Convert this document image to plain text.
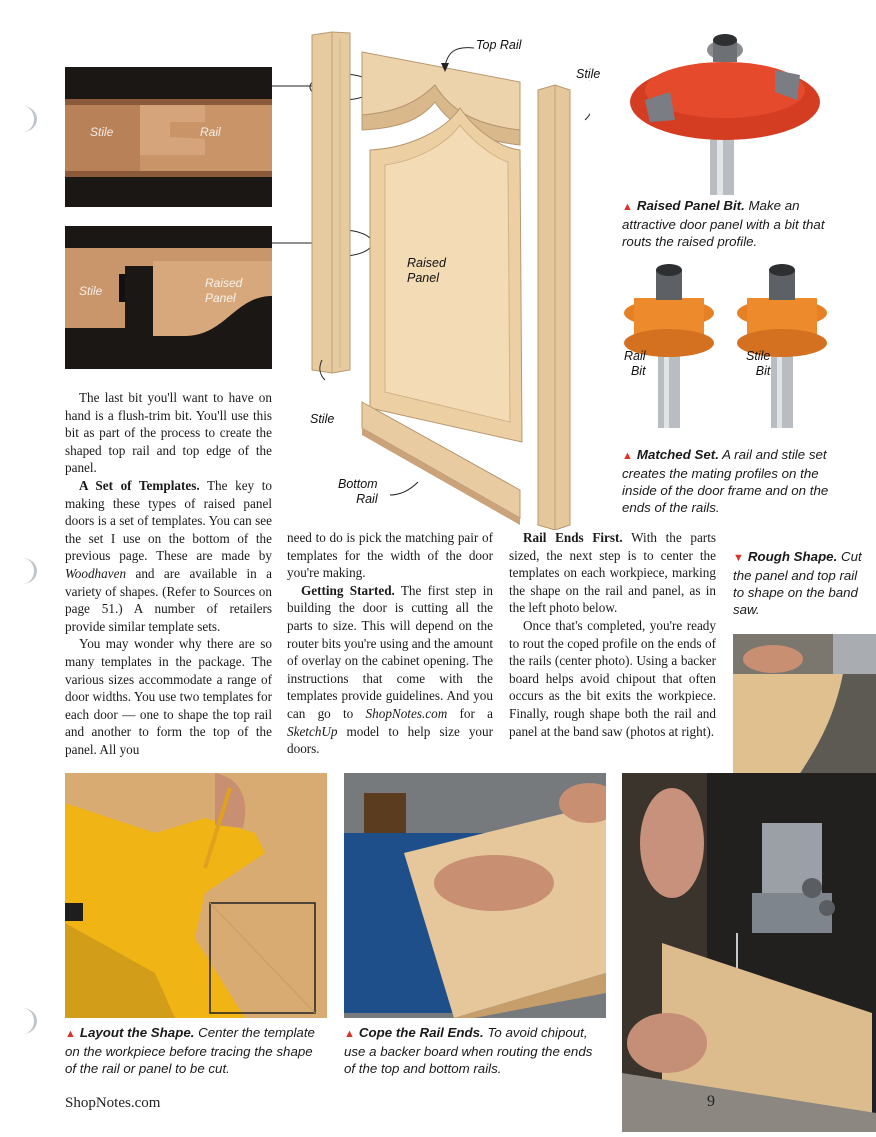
Stile	Rail
Stile
Raised
Panel
Top Rail
Stile
Raised
Panel
Stile
Bottom
Rail
▲ Raised Panel Bit. Make an attractive door panel with a bit that routs the raised profile.
Rail
Bit
Stile
Bit
▲ Matched Set. A rail and stile set creates the mating profiles on the inside of the door frame and on the ends of the rails.

The last bit you'll want to have on hand is a flush-trim bit. You'll use this bit as part of the process to create the shaped top rail and top edge of the panel.

A Set of Templates. The key to making these types of raised panel doors is a set of templates. You can see the set I use on the bottom of the previous page. These are made by Woodhaven and are available in a variety of shapes. (Refer to Sources on page 51.) A number of retailers provide similar template sets.

You may wonder why there are so many templates in the package. The various sizes accommodate a range of door widths. You use two templates for each door — one to shape the top rail and another to form the top of the panel. All you

need to do is pick the matching pair of templates for the width of the door you're making.

Getting Started. The first step in building the door is cutting all the parts to size. This will depend on the router bits you're using and the amount of overlay on the cabinet opening. The instructions that come with the templates provide guidelines. And you can go to ShopNotes.com for a SketchUp model to help size your doors.

Rail Ends First. With the parts sized, the next step is to center the templates on each workpiece, marking the shape on the rail and panel, as in the left photo below.

Once that's completed, you're ready to rout the coped profile on the ends of the rails (center photo). Using a backer board helps avoid chipout that often occurs as the bit exits the workpiece. Finally, rough shape both the rail and panel at the band saw (photos at right).

▼ Rough Shape. Cut the panel and top rail to shape on the band saw.
9
▲ Layout the Shape. Center the template on the workpiece before tracing the shape of the rail or panel to be cut.
▲ Cope the Rail Ends. To avoid chipout, use a backer board when routing the ends of the top and bottom rails.
ShopNotes.com
